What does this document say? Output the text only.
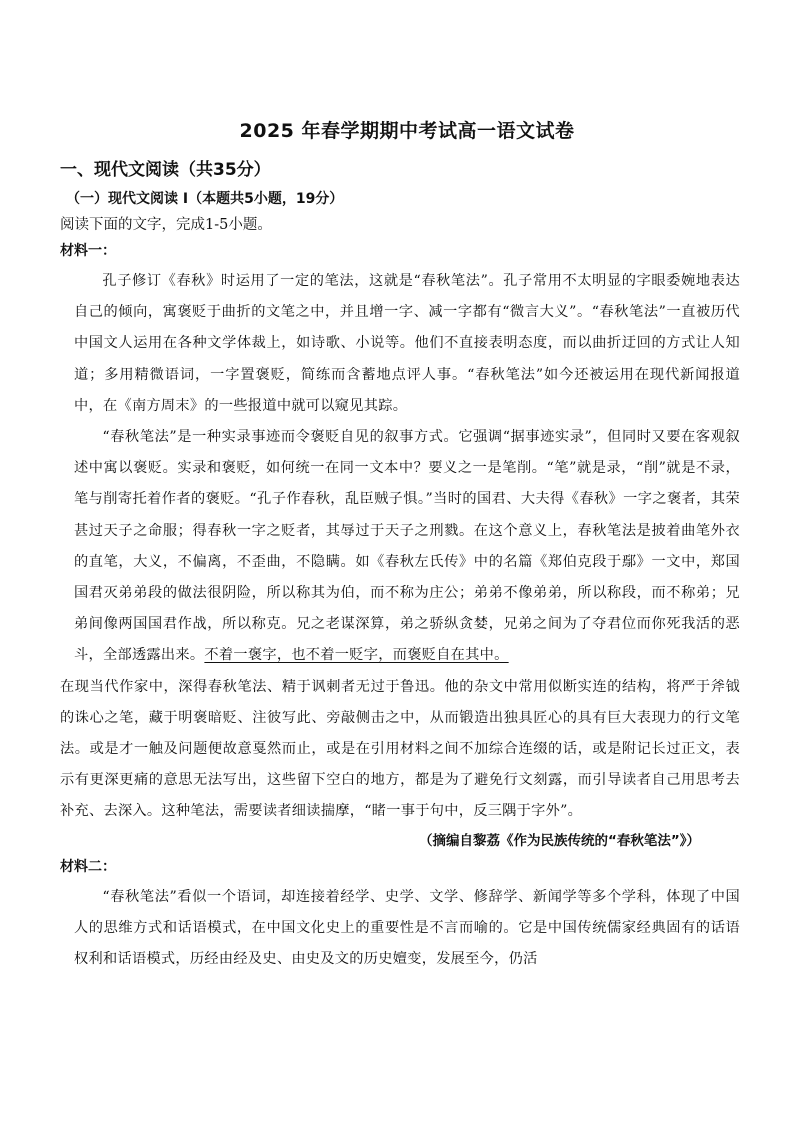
2025 年春学期期中考试高一语文试卷
一、现代文阅读（共35分）
（一）现代文阅读 I（本题共5小题，19分）
阅读下面的文字，完成1-5小题。
材料一：

孔子修订《春秋》时运用了一定的笔法，这就是“春秋笔法”。孔子常用不太明显的字眼委婉地表达自己的倾向，寓褒贬于曲折的文笔之中，并且增一字、减一字都有“微言大义”。“春秋笔法”一直被历代中国文人运用在各种文学体裁上，如诗歌、小说等。他们不直接表明态度，而以曲折迂回的方式让人知道；多用精微语词，一字置褒贬，简练而含蓄地点评人事。“春秋笔法”如今还被运用在现代新闻报道中，在《南方周末》的一些报道中就可以窥见其踪。

“春秋笔法”是一种实录事迹而令褒贬自见的叙事方式。它强调“据事迹实录”，但同时又要在客观叙述中寓以褒贬。实录和褒贬，如何统一在同一文本中？要义之一是笔削。“笔”就是录，“削”就是不录，笔与削寄托着作者的褒贬。“孔子作春秋，乱臣贼子惧。”当时的国君、大夫得《春秋》一字之褒者，其荣甚过天子之命服；得春秋一字之贬者，其辱过于天子之刑戮。在这个意义上，春秋笔法是披着曲笔外衣的直笔，大义，不偏离，不歪曲，不隐瞒。如《春秋左氏传》中的名篇《郑伯克段于鄢》一文中，郑国国君灭弟弟段的做法很阴险，所以称其为伯，而不称为庄公；弟弟不像弟弟，所以称段，而不称弟；兄弟间像两国国君作战，所以称克。兄之老谋深算，弟之骄纵贪婪，兄弟之间为了夺君位而你死我活的恶斗，全部透露出来。不着一褒字，也不着一贬字，而褒贬自在其中。

在现当代作家中，深得春秋笔法、精于讽刺者无过于鲁迅。他的杂文中常用似断实连的结构，将严于斧钺的诛心之笔，藏于明褒暗贬、注彼写此、旁敲侧击之中，从而锻造出独具匠心的具有巨大表现力的行文笔法。或是才一触及问题便故意戛然而止，或是在引用材料之间不加综合连缀的话，或是附记长过正文，表示有更深更痛的意思无法写出，这些留下空白的地方，都是为了避免行文刻露，而引导读者自己用思考去补充、去深入。这种笔法，需要读者细读揣摩，“睹一事于句中，反三隅于字外”。

（摘编自黎荔《作为民族传统的“春秋笔法”》）
材料二：

“春秋笔法”看似一个语词，却连接着经学、史学、文学、修辞学、新闻学等多个学科，体现了中国人的思维方式和话语模式，在中国文化史上的重要性是不言而喻的。它是中国传统儒家经典固有的话语权利和话语模式，历经由经及史、由史及文的历史嬗变，发展至今，仍活
